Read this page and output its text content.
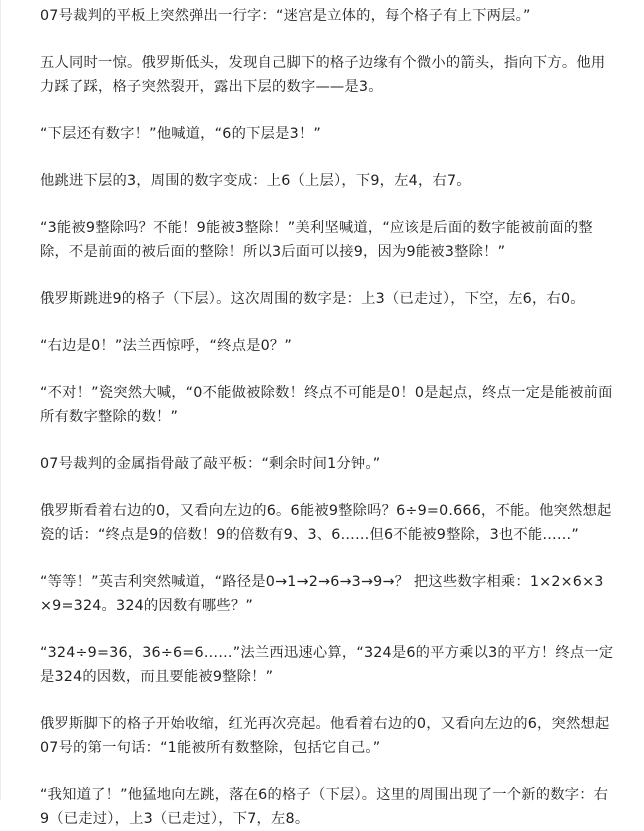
07号裁判的平板上突然弹出一行字：“迷宫是立体的，每个格子有上下两层。”

五人同时一惊。俄罗斯低头，发现自己脚下的格子边缘有个微小的箭头，指向下方。他用力踩了踩，格子突然裂开，露出下层的数字——是3。

“下层还有数字！”他喊道，“6的下层是3！”

他跳进下层的3，周围的数字变成：上6（上层），下9，左4，右7。

“3能被9整除吗？不能！9能被3整除！”美利坚喊道，“应该是后面的数字能被前面的整除，不是前面的被后面的整除！所以3后面可以接9，因为9能被3整除！”

俄罗斯跳进9的格子（下层）。这次周围的数字是：上3（已走过），下空，左6，右0。

“右边是0！”法兰西惊呼，“终点是0？”

“不对！”瓷突然大喊，“0不能做被除数！终点不可能是0！0是起点，终点一定是能被前面所有数字整除的数！”

07号裁判的金属指骨敲了敲平板：“剩余时间1分钟。”

俄罗斯看着右边的0，又看向左边的6。6能被9整除吗？6÷9=0.666，不能。他突然想起瓷的话：“终点是9的倍数！9的倍数有9、3、6……但6不能被9整除，3也不能……”

“等等！”英吉利突然喊道，“路径是0→1→2→6→3→9→？ 把这些数字相乘：1×2×6×3×9=324。324的因数有哪些？”

“324÷9=36，36÷6=6……”法兰西迅速心算，“324是6的平方乘以3的平方！终点一定是324的因数，而且要能被9整除！”

俄罗斯脚下的格子开始收缩，红光再次亮起。他看着右边的0，又看向左边的6，突然想起07号的第一句话：“1能被所有数整除，包括它自己。”

“我知道了！”他猛地向左跳，落在6的格子（下层）。这里的周围出现了一个新的数字：右9（已走过），上3（已走过），下7，左8。
